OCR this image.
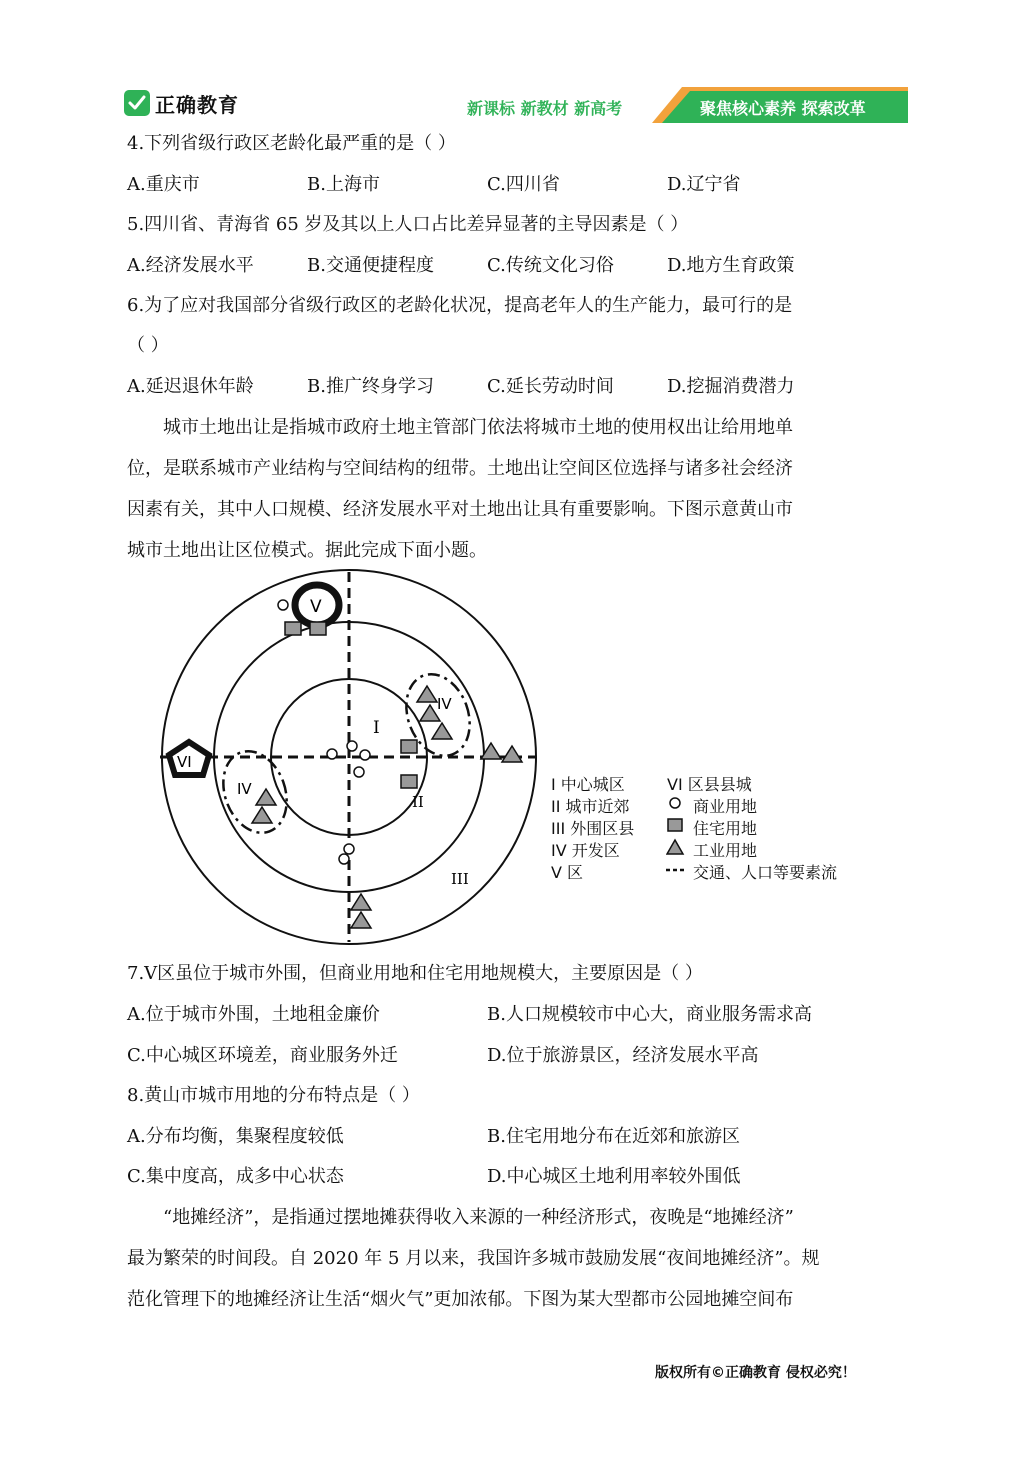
正确教育	新课标 新教材 新高考	聚焦核心素养 探索改革
4.下列省级行政区老龄化最严重的是（ ）
A.重庆市	B.上海市	C.四川省	D.辽宁省
5.四川省、青海省 65 岁及其以上人口占比差异显著的主导因素是（ ）
A.经济发展水平	B.交通便捷程度	C.传统文化习俗	D.地方生育政策
6.为了应对我国部分省级行政区的老龄化状况，提高老年人的生产能力，最可行的是
（ ）
A.延迟退休年龄	B.推广终身学习	C.延长劳动时间	D.挖掘消费潜力
城市土地出让是指城市政府土地主管部门依法将城市土地的使用权出让给用地单
位，是联系城市产业结构与空间结构的纽带。土地出让空间区位选择与诸多社会经济
因素有关，其中人口规模、经济发展水平对土地出让具有重要影响。下图示意黄山市
城市土地出让区位模式。据此完成下面小题。
V
VI
I
II
III
IV
IV	I 中心城区
II 城市近郊
III 外围区县
IV 开发区
V 区
VI 区县县城
商业用地
住宅用地
工业用地
交通、人口等要素流
7.V区虽位于城市外围，但商业用地和住宅用地规模大，主要原因是（ ）
A.位于城市外围，土地租金廉价	B.人口规模较市中心大，商业服务需求高
C.中心城区环境差，商业服务外迁	D.位于旅游景区，经济发展水平高
8.黄山市城市用地的分布特点是（ ）
A.分布均衡，集聚程度较低	B.住宅用地分布在近郊和旅游区
C.集中度高，成多中心状态	D.中心城区土地利用率较外围低
“地摊经济”，是指通过摆地摊获得收入来源的一种经济形式，夜晚是“地摊经济”
最为繁荣的时间段。自 2020 年 5 月以来，我国许多城市鼓励发展“夜间地摊经济”。规
范化管理下的地摊经济让生活“烟火气”更加浓郁。下图为某大型都市公园地摊空间布
版权所有©正确教育 侵权必究！
